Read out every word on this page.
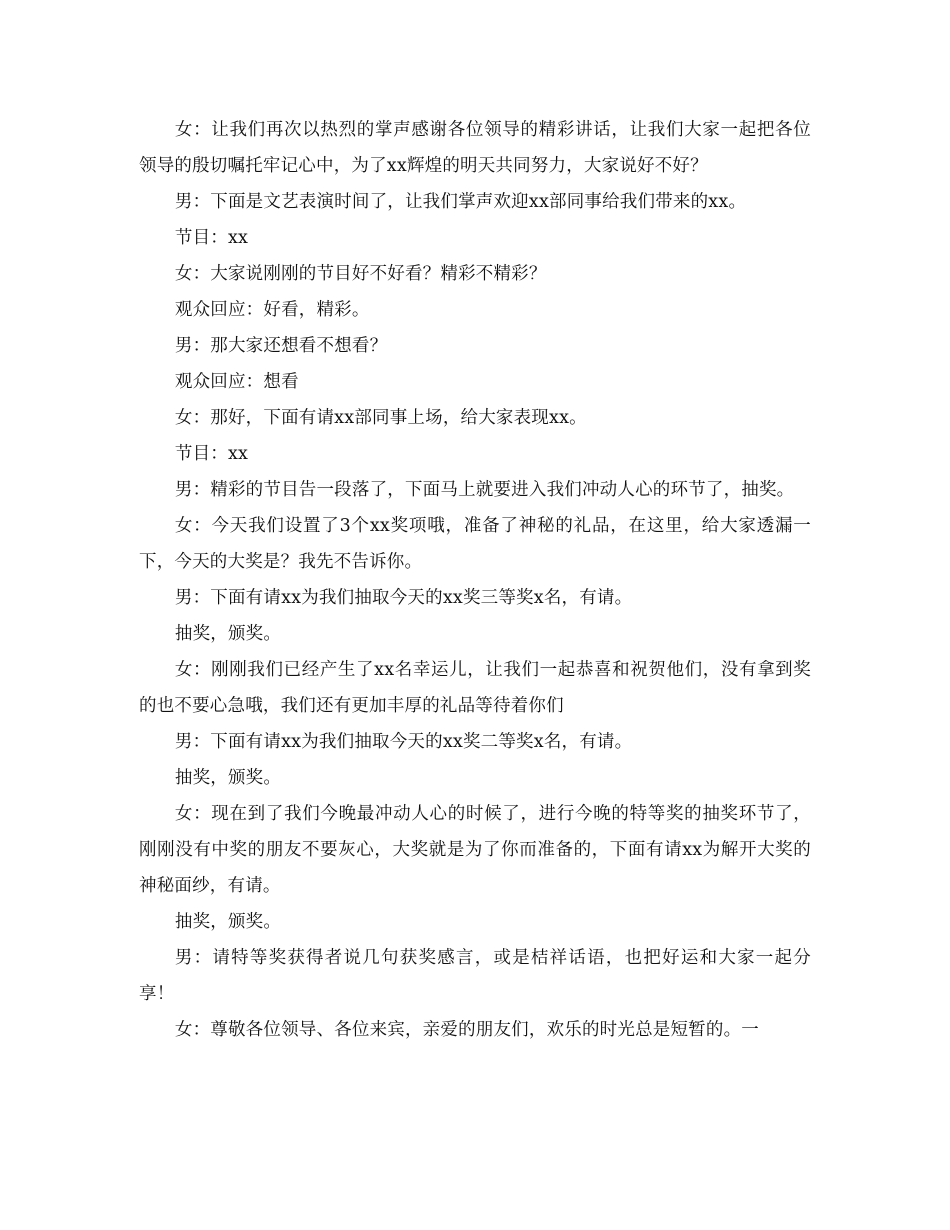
女：让我们再次以热烈的掌声感谢各位领导的精彩讲话，让我们大家一起把各位领导的殷切嘱托牢记心中，为了xx辉煌的明天共同努力，大家说好不好？

男：下面是文艺表演时间了，让我们掌声欢迎xx部同事给我们带来的xx。

节目：xx

女：大家说刚刚的节目好不好看？精彩不精彩？

观众回应：好看，精彩。

男：那大家还想看不想看？

观众回应：想看

女：那好，下面有请xx部同事上场，给大家表现xx。

节目：xx

男：精彩的节目告一段落了，下面马上就要进入我们冲动人心的环节了，抽奖。

女：今天我们设置了3个xx奖项哦，准备了神秘的礼品，在这里，给大家透漏一下，今天的大奖是？我先不告诉你。

男：下面有请xx为我们抽取今天的xx奖三等奖x名，有请。

抽奖，颁奖。

女：刚刚我们已经产生了xx名幸运儿，让我们一起恭喜和祝贺他们，没有拿到奖的也不要心急哦，我们还有更加丰厚的礼品等待着你们

男：下面有请xx为我们抽取今天的xx奖二等奖x名，有请。

抽奖，颁奖。

女：现在到了我们今晚最冲动人心的时候了，进行今晚的特等奖的抽奖环节了，刚刚没有中奖的朋友不要灰心，大奖就是为了你而准备的，下面有请xx为解开大奖的神秘面纱，有请。

抽奖，颁奖。

男：请特等奖获得者说几句获奖感言，或是桔祥话语，也把好运和大家一起分享！

女：尊敬各位领导、各位来宾，亲爱的朋友们，欢乐的时光总是短暂的。一
